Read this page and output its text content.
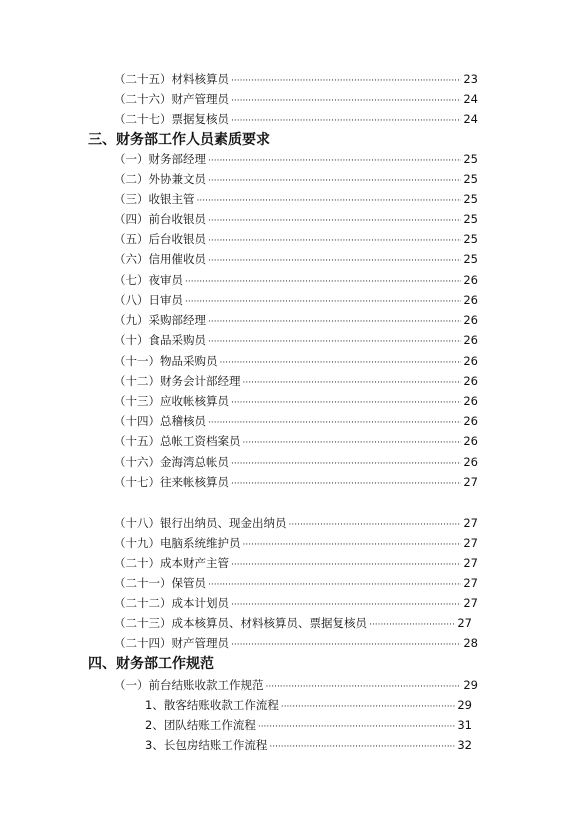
（二十五）材料核算员 ·····	23
（二十六）财产管理员 ·····	24
（二十七）票据复核员 ·····	24
三、财务部工作人员素质要求
（一）财务部经理 ·····	25
（二）外协兼文员 ·····	25
（三）收银主管 ·····	25
（四）前台收银员 ·····	25
（五）后台收银员 ·····	25
（六）信用催收员 ·····	25
（七）夜审员 ·····	26
（八）日审员 ·····	26
（九）采购部经理 ·····	26
（十）食品采购员 ·····	26
（十一）物品采购员 ·····	26
（十二）财务会计部经理 ·····	26
（十三）应收帐核算员 ·····	26
（十四）总稽核员 ·····	26
（十五）总帐工资档案员 ·····	26
（十六）金海湾总帐员 ·····	26
（十七）往来帐核算员 ·····	27
（十八）银行出纳员、现金出纳员 ·····	27
（十九）电脑系统维护员 ·····	27
（二十）成本财产主管 ·····	27
（二十一）保管员 ·····	27
（二十二）成本计划员 ·····	27
（二十三）成本核算员、材料核算员、票据复核员 ·····	27
（二十四）财产管理员 ·····	28
四、财务部工作规范
（一）前台结账收款工作规范 ·····	29
1、散客结账收款工作流程 ·····	29
2、团队结账工作流程 ·····	31
3、长包房结账工作流程 ·····	32
